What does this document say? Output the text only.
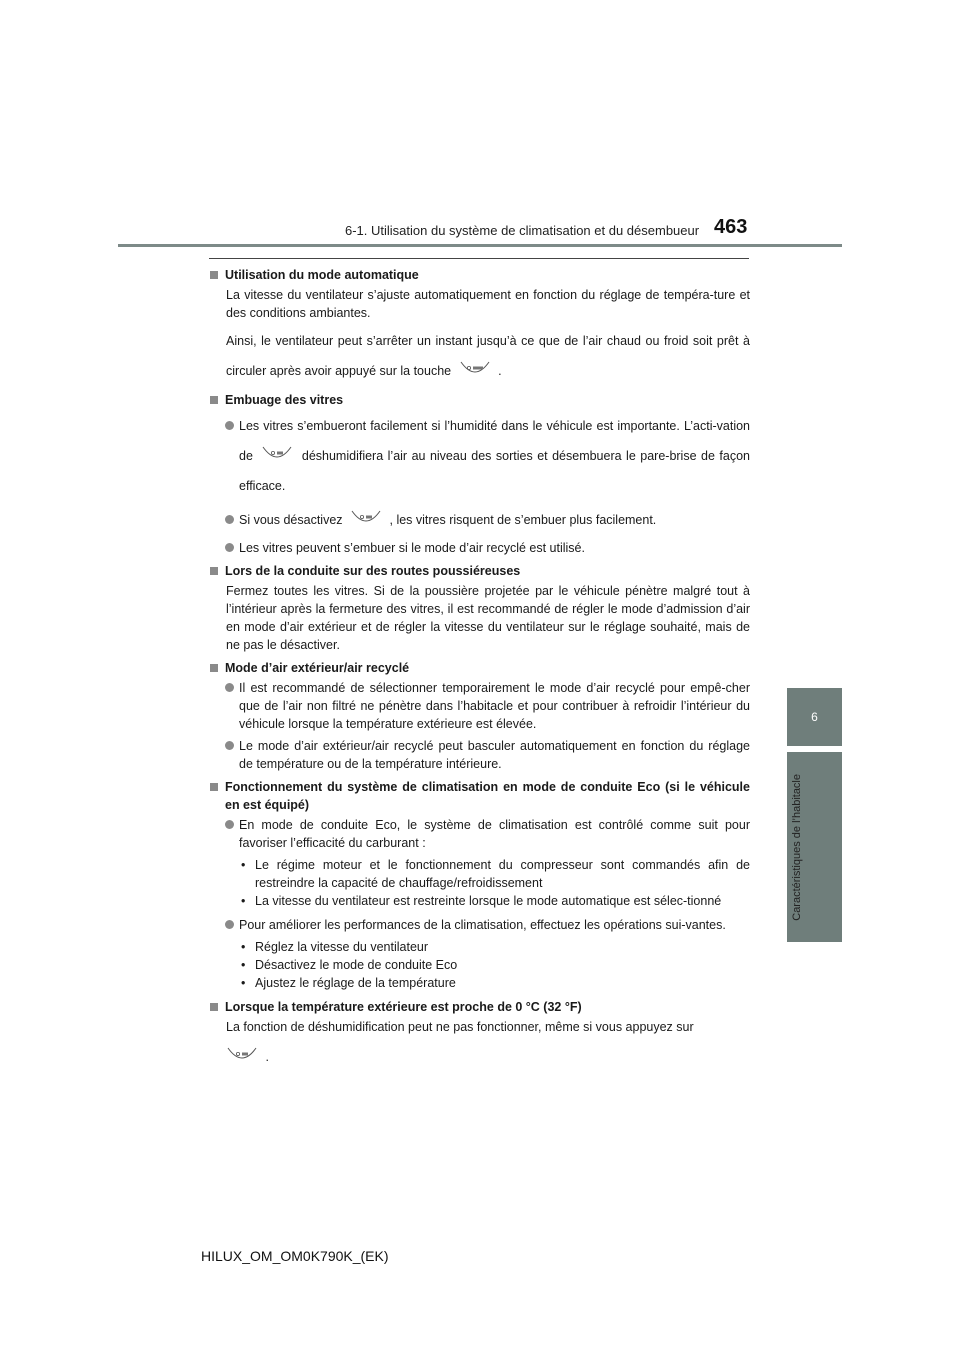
6-1. Utilisation du système de climatisation et du désembueur 463
6
Caractéristiques de l’habitacle
Utilisation du mode automatique
La vitesse du ventilateur s’ajuste automatiquement en fonction du réglage de tempéra-ture et des conditions ambiantes.
Ainsi, le ventilateur peut s’arrêter un instant jusqu’à ce que de l’air chaud ou froid soit prêt à circuler après avoir appuyé sur la touche	.
Embuage des vitres
Les vitres s’embueront facilement si l’humidité dans le véhicule est importante. L’acti-vation de	déshumidifiera l’air au niveau des sorties et désembuera le pare-brise de façon efficace.
Si vous désactivez	, les vitres risquent de s’embuer plus facilement.
Les vitres peuvent s’embuer si le mode d’air recyclé est utilisé.
Lors de la conduite sur des routes poussiéreuses
Fermez toutes les vitres. Si de la poussière projetée par le véhicule pénètre malgré tout à l’intérieur après la fermeture des vitres, il est recommandé de régler le mode d’admission d’air en mode d’air extérieur et de régler la vitesse du ventilateur sur le réglage souhaité, mais de ne pas le désactiver.
Mode d’air extérieur/air recyclé
Il est recommandé de sélectionner temporairement le mode d’air recyclé pour empê-cher que de l’air non filtré ne pénètre dans l’habitacle et pour contribuer à refroidir l’intérieur du véhicule lorsque la température extérieure est élevée.
Le mode d’air extérieur/air recyclé peut basculer automatiquement en fonction du réglage de température ou de la température intérieure.
Fonctionnement du système de climatisation en mode de conduite Eco (si le véhicule en est équipé)
En mode de conduite Eco, le système de climatisation est contrôlé comme suit pour favoriser l’efficacité du carburant :
• Le régime moteur et le fonctionnement du compresseur sont commandés afin de restreindre la capacité de chauffage/refroidissement
• La vitesse du ventilateur est restreinte lorsque le mode automatique est sélec-tionné
Pour améliorer les performances de la climatisation, effectuez les opérations sui-vantes.
• Réglez la vitesse du ventilateur
• Désactivez le mode de conduite Eco
• Ajustez le réglage de la température
Lorsque la température extérieure est proche de 0 °C (32 °F)
La fonction de déshumidification peut ne pas fonctionner, même si vous appuyez sur
.
HILUX_OM_OM0K790K_(EK)
